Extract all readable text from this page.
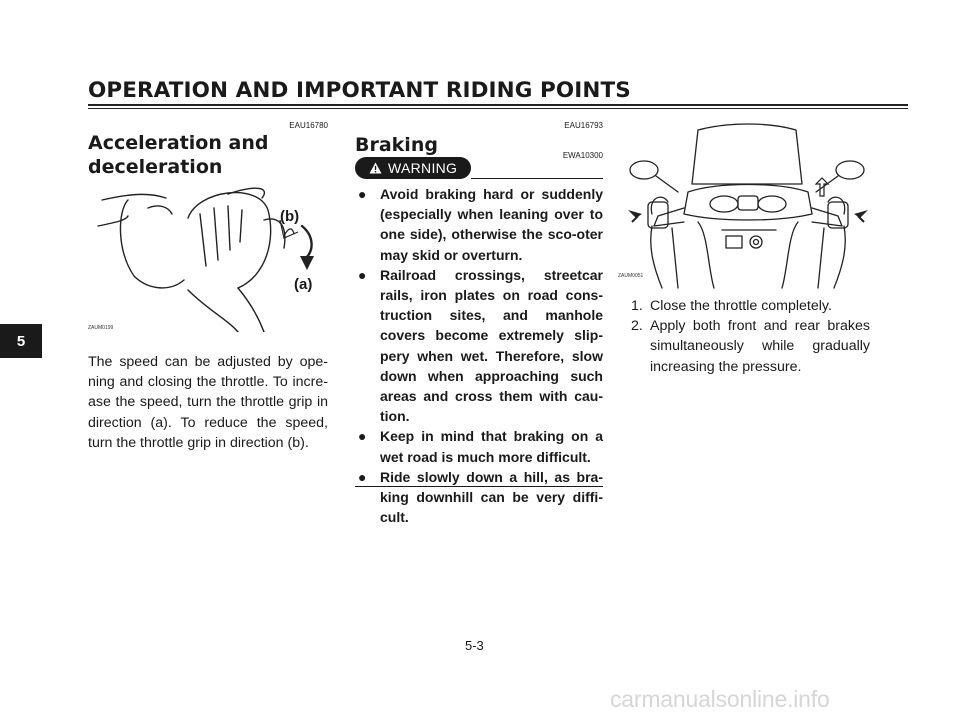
OPERATION AND IMPORTANT RIDING POINTS
5
EAU16780
Acceleration and
deceleration
(b)
(a)
ZAUM0199
The speed can be adjusted by ope-ning and closing the throttle. To incre-ase the speed, turn the throttle grip in direction (a). To reduce the speed, turn the throttle grip in direction (b).
EAU16793
Braking	EWA10300
WARNING
● Avoid braking hard or suddenly (especially when leaning over to one side), otherwise the sco-oter may skid or overturn.
● Railroad crossings, streetcar rails, iron plates on road cons-truction sites, and manhole covers become extremely slip-pery when wet. Therefore, slow down when approaching such areas and cross them with cau-tion.
● Keep in mind that braking on a wet road is much more difficult.
● Ride slowly down a hill, as bra-king downhill can be very diffi-cult.
ZAUM0051
1. Close the throttle completely.
2. Apply both front and rear brakes simultaneously while gradually increasing the pressure.
5-3
carmanualsonline.info
